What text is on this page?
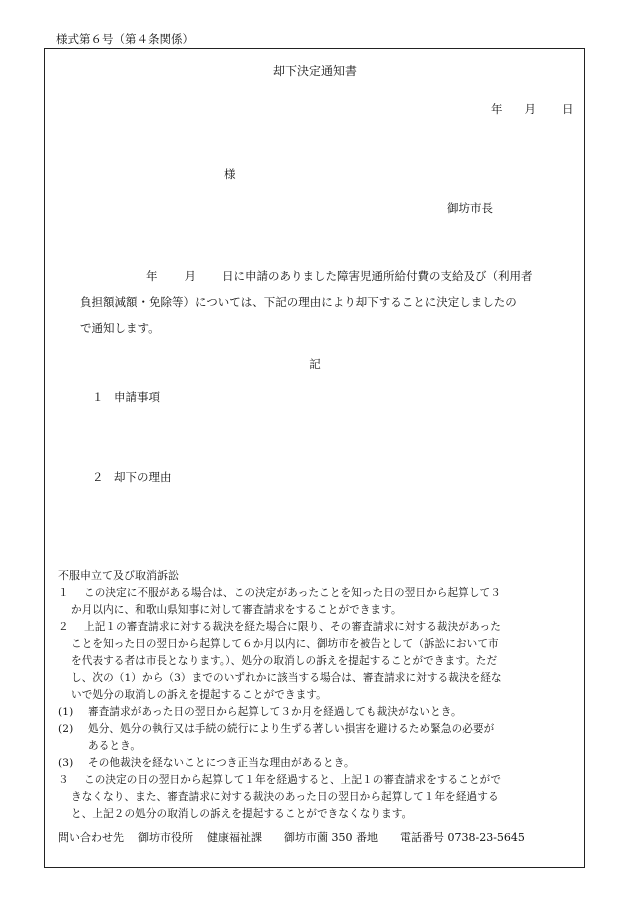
様式第６号（第４条関係）
却下決定通知書
年 月 日
様
御坊市長
年 月 日に申請のありました障害児通所給付費の支給及び（利用者
負担額減額・免除等）については、下記の理由により却下することに決定しましたの
で通知します。
記
１ 申請事項
２ 却下の理由
不服申立て及び取消訴訟
１ この決定に不服がある場合は、この決定があったことを知った日の翌日から起算して３
か月以内に、和歌山県知事に対して審査請求をすることができます。
２ 上記１の審査請求に対する裁決を経た場合に限り、その審査請求に対する裁決があった
ことを知った日の翌日から起算して６か月以内に、御坊市を被告として（訴訟において市
を代表する者は市長となります。）、処分の取消しの訴えを提起することができます。ただ
し、次の（1）から（3）までのいずれかに該当する場合は、審査請求に対する裁決を経な
いで処分の取消しの訴えを提起することができます。
(1) 審査請求があった日の翌日から起算して３か月を経過しても裁決がないとき。
(2) 処分、処分の執行又は手続の続行により生ずる著しい損害を避けるため緊急の必要が
あるとき。
(3) その他裁決を経ないことにつき正当な理由があるとき。
３ この決定の日の翌日から起算して１年を経過すると、上記１の審査請求をすることがで
きなくなり、また、審査請求に対する裁決のあった日の翌日から起算して１年を経過する
と、上記２の処分の取消しの訴えを提起することができなくなります。
問い合わせ先 御坊市役所 健康福祉課 御坊市薗 350 番地 電話番号 0738-23-5645
